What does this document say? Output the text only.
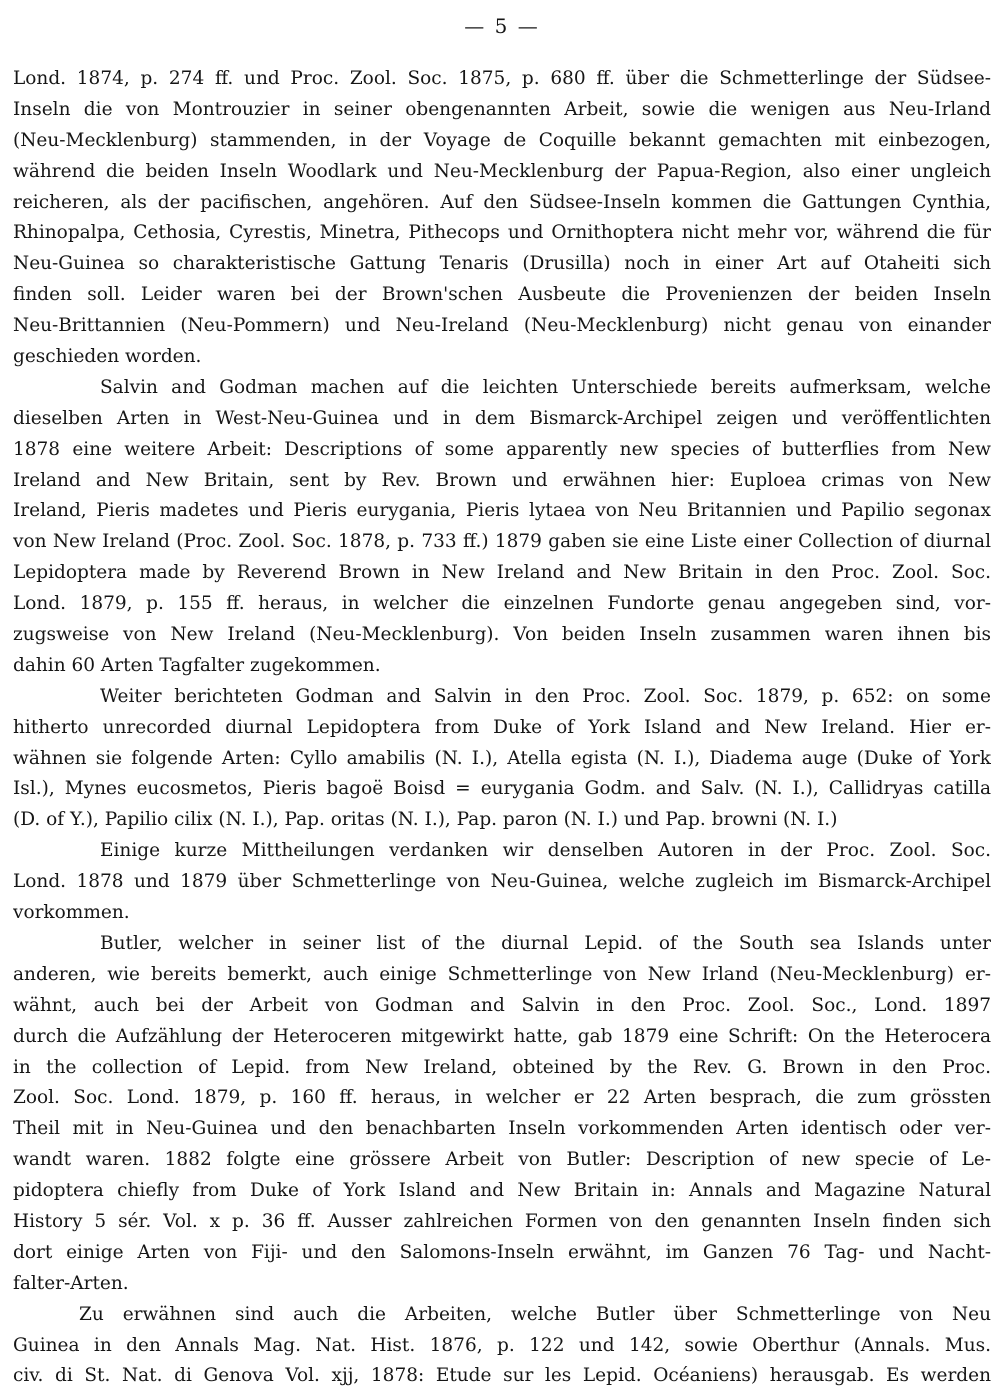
— 5 —
Lond. 1874, p. 274 ff. und Proc. Zool. Soc. 1875, p. 680 ff. über die Schmetterlinge der Südsee-
Inseln die von Montrouzier in seiner obengenannten Arbeit, sowie die wenigen aus Neu-Irland
(Neu-Mecklenburg) stammenden, in der Voyage de Coquille bekannt gemachten mit einbezogen,
während die beiden Inseln Woodlark und Neu-Mecklenburg der Papua-Region, also einer ungleich
reicheren, als der pacifischen, angehören. Auf den Südsee-Inseln kommen die Gattungen Cynthia,
Rhinopalpa, Cethosia, Cyrestis, Minetra, Pithecops und Ornithoptera nicht mehr vor, während die für
Neu-Guinea so charakteristische Gattung Tenaris (Drusilla) noch in einer Art auf Otaheiti sich
finden soll. Leider waren bei der Brown'schen Ausbeute die Provenienzen der beiden Inseln
Neu-Brittannien (Neu-Pommern) und Neu-Ireland (Neu-Mecklenburg) nicht genau von einander
geschieden worden.
Salvin and Godman machen auf die leichten Unterschiede bereits aufmerksam, welche
dieselben Arten in West-Neu-Guinea und in dem Bismarck-Archipel zeigen und veröffentlichten
1878 eine weitere Arbeit: Descriptions of some apparently new species of butterflies from New
Ireland and New Britain, sent by Rev. Brown und erwähnen hier: Euploea crimas von New
Ireland, Pieris madetes und Pieris eurygania, Pieris lytaea von Neu Britannien und Papilio segonax
von New Ireland (Proc. Zool. Soc. 1878, p. 733 ff.) 1879 gaben sie eine Liste einer Collection of diurnal
Lepidoptera made by Reverend Brown in New Ireland and New Britain in den Proc. Zool. Soc.
Lond. 1879, p. 155 ff. heraus, in welcher die einzelnen Fundorte genau angegeben sind, vor-
zugsweise von New Ireland (Neu-Mecklenburg). Von beiden Inseln zusammen waren ihnen bis
dahin 60 Arten Tagfalter zugekommen.
Weiter berichteten Godman and Salvin in den Proc. Zool. Soc. 1879, p. 652: on some
hitherto unrecorded diurnal Lepidoptera from Duke of York Island and New Ireland. Hier er-
wähnen sie folgende Arten: Cyllo amabilis (N. I.), Atella egista (N. I.), Diadema auge (Duke of York
Isl.), Mynes eucosmetos, Pieris bagoë Boisd = eurygania Godm. and Salv. (N. I.), Callidryas catilla
(D. of Y.), Papilio cilix (N. I.), Pap. oritas (N. I.), Pap. paron (N. I.) und Pap. browni (N. I.)
Einige kurze Mittheilungen verdanken wir denselben Autoren in der Proc. Zool. Soc.
Lond. 1878 und 1879 über Schmetterlinge von Neu-Guinea, welche zugleich im Bismarck-Archipel
vorkommen.
Butler, welcher in seiner list of the diurnal Lepid. of the South sea Islands unter
anderen, wie bereits bemerkt, auch einige Schmetterlinge von New Irland (Neu-Mecklenburg) er-
wähnt, auch bei der Arbeit von Godman and Salvin in den Proc. Zool. Soc., Lond. 1897
durch die Aufzählung der Heteroceren mitgewirkt hatte, gab 1879 eine Schrift: On the Heterocera
in the collection of Lepid. from New Ireland, obteined by the Rev. G. Brown in den Proc.
Zool. Soc. Lond. 1879, p. 160 ff. heraus, in welcher er 22 Arten besprach, die zum grössten
Theil mit in Neu-Guinea und den benachbarten Inseln vorkommenden Arten identisch oder ver-
wandt waren. 1882 folgte eine grössere Arbeit von Butler: Description of new specie of Le-
pidoptera chiefly from Duke of York Island and New Britain in: Annals and Magazine Natural
History 5 sér. Vol. x p. 36 ff. Ausser zahlreichen Formen von den genannten Inseln finden sich
dort einige Arten von Fiji- und den Salomons-Inseln erwähnt, im Ganzen 76 Tag- und Nacht-
falter-Arten.
Zu erwähnen sind auch die Arbeiten, welche Butler über Schmetterlinge von Neu
Guinea in den Annals Mag. Nat. Hist. 1876, p. 122 und 142, sowie Oberthur (Annals. Mus.
civ. di St. Nat. di Genova Vol. xjj, 1878: Etude sur les Lepid. Océaniens) herausgab. Es werden
